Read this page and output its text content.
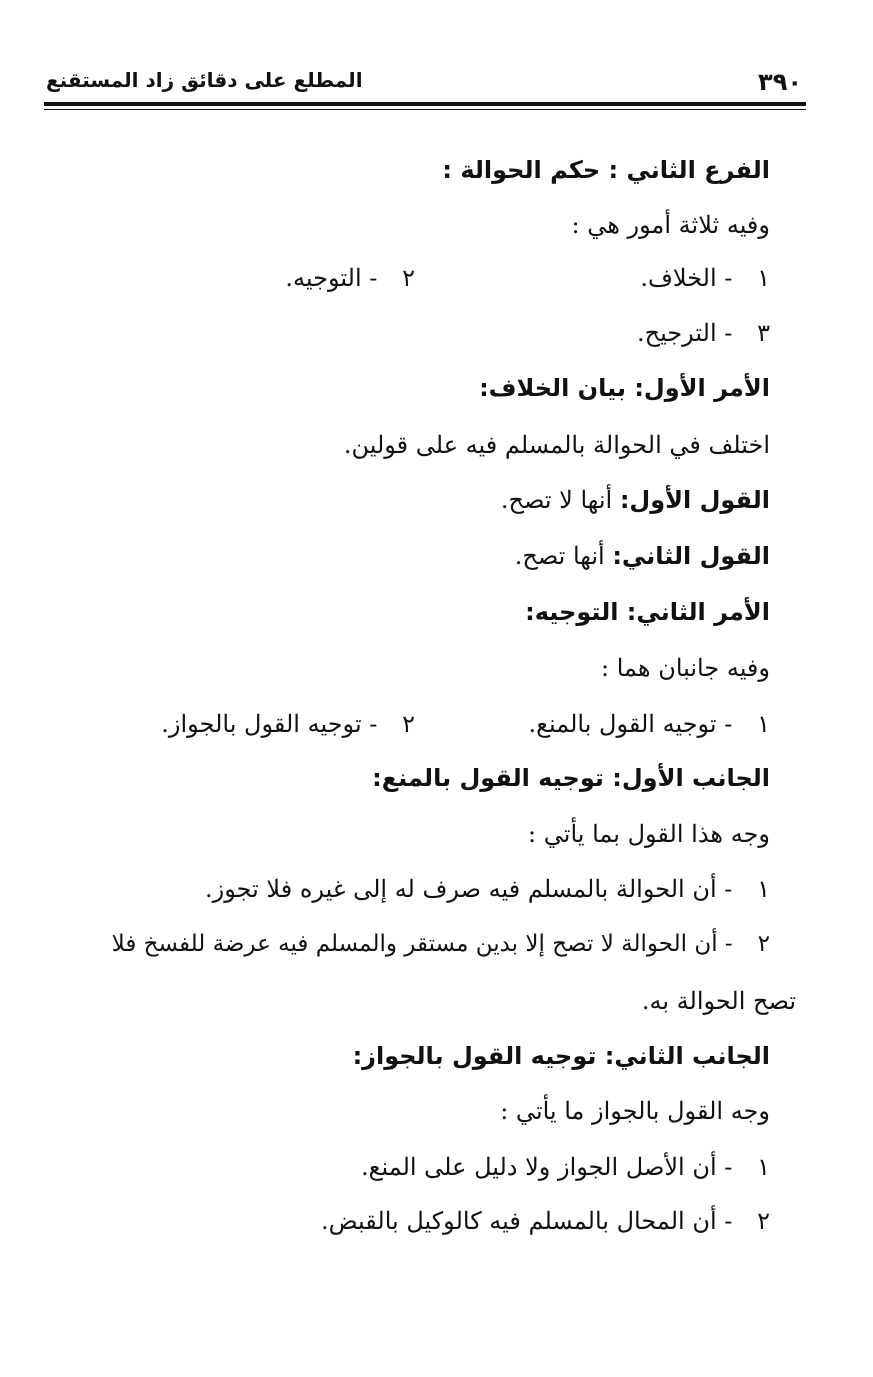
٣٩٠
المطلع على دقائق زاد المستقنع
الفرع الثاني : حكم الحوالة :
وفيه ثلاثة أمور هي :
١ - الخلاف.
٢ - التوجيه.
٣ - الترجيح.
الأمر الأول: بيان الخلاف:
اختلف في الحوالة بالمسلم فيه على قولين.
القول الأول: أنها لا تصح.
القول الثاني: أنها تصح.
الأمر الثاني: التوجيه:
وفيه جانبان هما :
١ - توجيه القول بالمنع.
٢ - توجيه القول بالجواز.
الجانب الأول: توجيه القول بالمنع:
وجه هذا القول بما يأتي :
١ - أن الحوالة بالمسلم فيه صرف له إلى غيره فلا تجوز.
٢ - أن الحوالة لا تصح إلا بدين مستقر والمسلم فيه عرضة للفسخ فلا
تصح الحوالة به.
الجانب الثاني: توجيه القول بالجواز:
وجه القول بالجواز ما يأتي :
١ - أن الأصل الجواز ولا دليل على المنع.
٢ - أن المحال بالمسلم فيه كالوكيل بالقبض.
